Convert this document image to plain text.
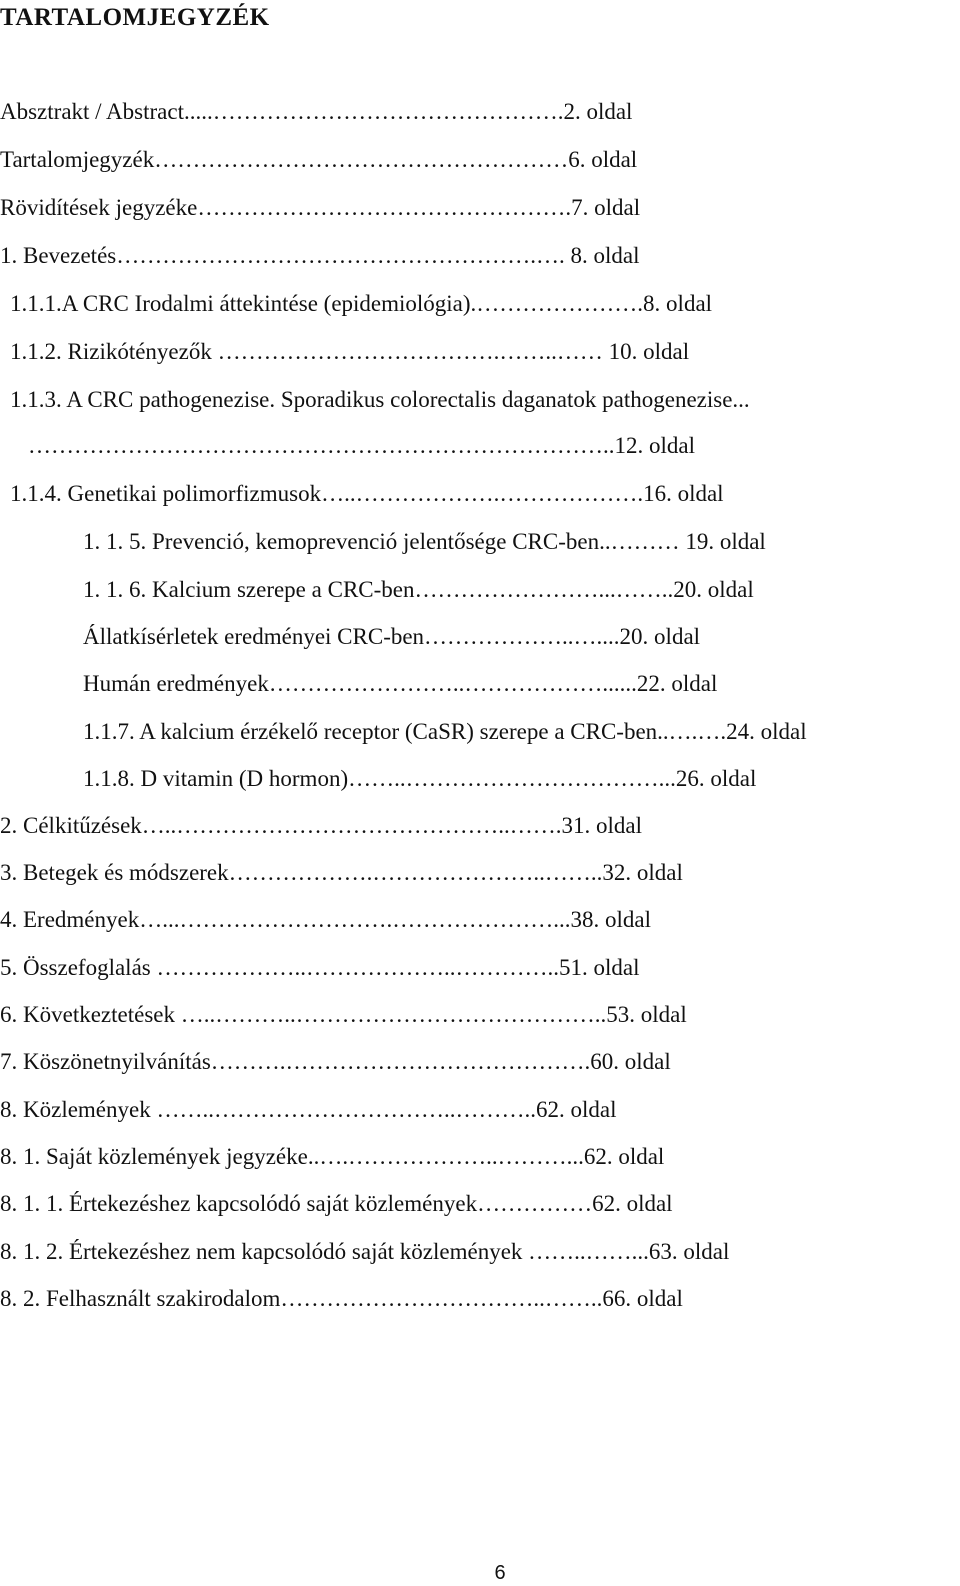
TARTALOMJEGYZÉK
Absztrakt / Abstract.....……………………………………….2. oldal
Tartalomjegyzék………………………………………………6. oldal
Rövidítések jegyzéke………………………………………….7. oldal
1. Bevezetés……………………………………………….…. 8. oldal
1.1.1.A CRC Irodalmi áttekintése (epidemiológia).………………….8. oldal
1.1.2. Rizikótényezők ……………………………….……..…… 10. oldal
1.1.3. A CRC pathogenezise. Sporadikus colorectalis daganatok pathogenezise...
…………………………………………………………………..12. oldal
1.1.4. Genetikai polimorfizmusok…..……………….……………….16. oldal
1. 1. 5. Prevenció, kemoprevenció jelentősége CRC-ben..……… 19. oldal
1. 1. 6. Kalcium szerepe a CRC-ben……………………...……..20. oldal
Állatkísérletek eredményei CRC-ben………………..…....20. oldal
Humán eredmények……………………..………………......22. oldal
1.1.7. A kalcium érzékelő receptor (CaSR) szerepe a CRC-ben..….….24. oldal
1.1.8. D vitamin (D hormon)……..……………………………...26. oldal
2. Célkitűzések…..……………………………………..…….31. oldal
3. Betegek és módszerek……………….…………………..……..32. oldal
4. Eredmények…...……………………….…………………...38. oldal
5. Összefoglalás ………………..………………..…………..51. oldal
6. Következtetések …..………..…………………………………..53. oldal
7. Köszönetnyilvánítás……….………………………………….60. oldal
8. Közlemények ……..…………………………..………..62. oldal
8. 1. Saját közlemények jegyzéke..….………………..………...62. oldal
8. 1. 1. Értekezéshez kapcsolódó saját közlemények……………62. oldal
8. 1. 2. Értekezéshez nem kapcsolódó saját közlemények ……..……...63. oldal
8. 2. Felhasznált szakirodalom……………………………..……..66. oldal
6
